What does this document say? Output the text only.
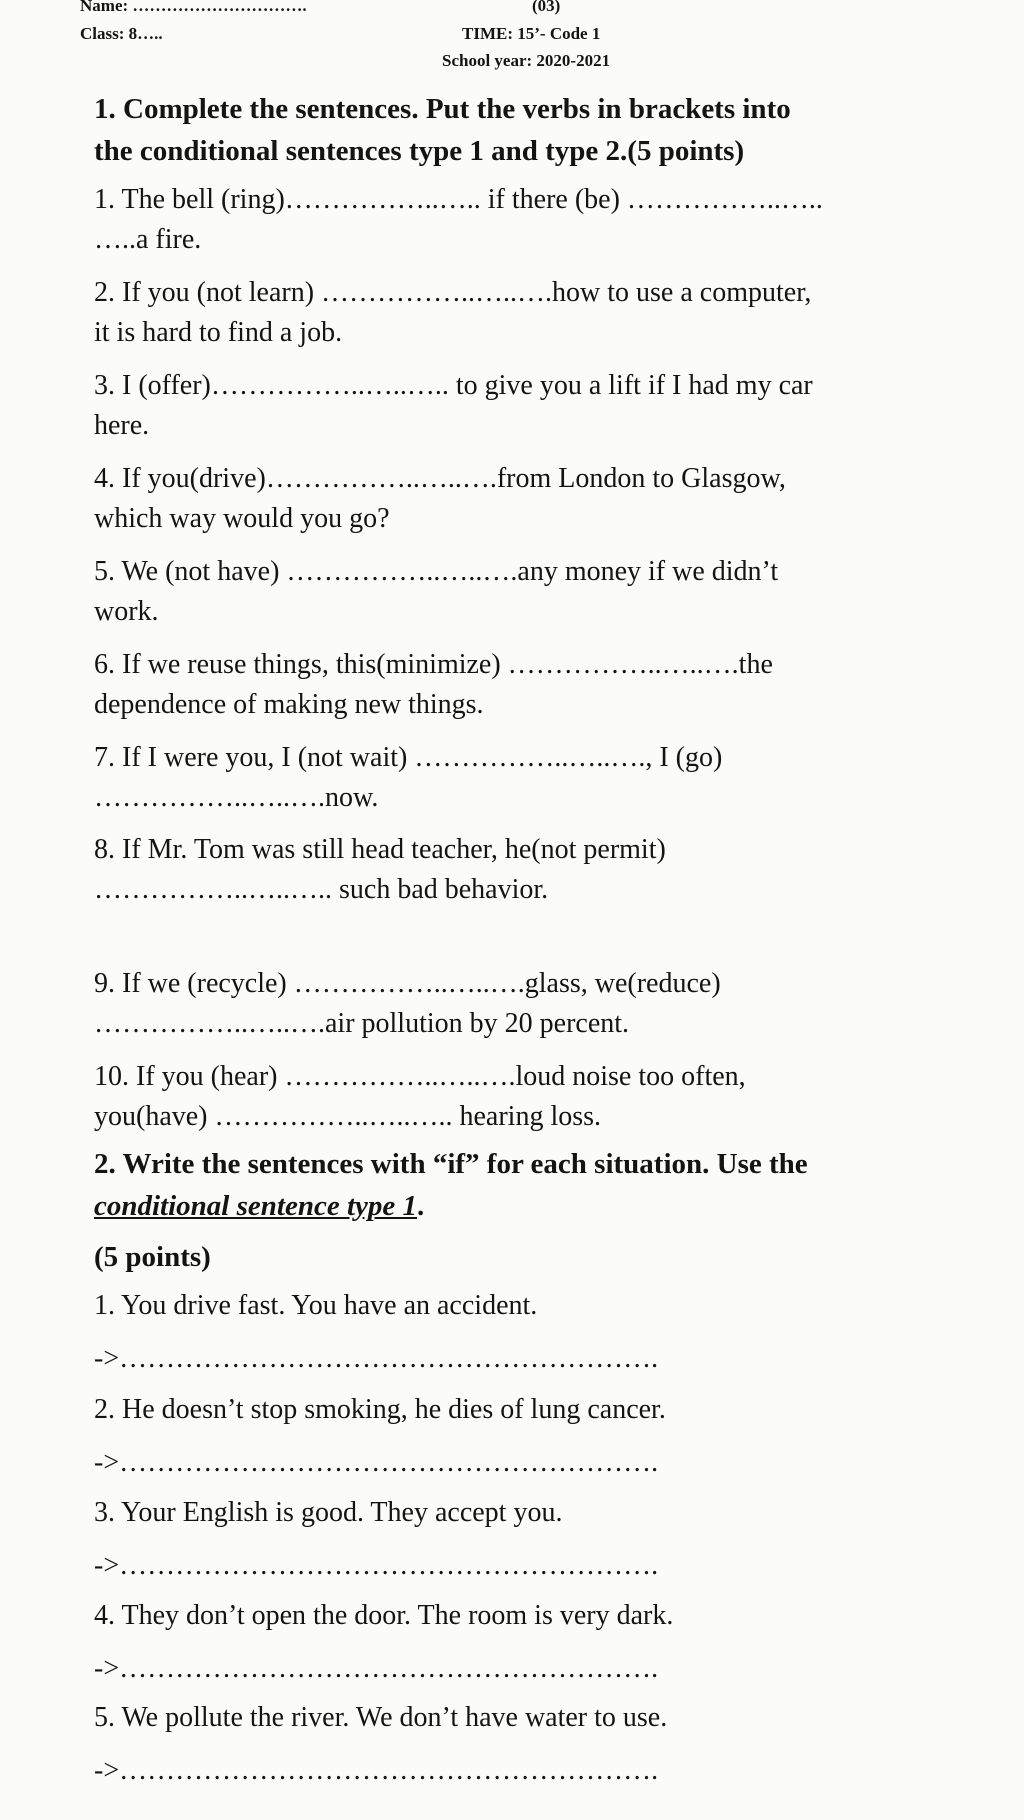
Name: ………………………….	(03)
Class: 8…..	TIME: 15’- Code 1
School year: 2020-2021
1. Complete the sentences. Put the verbs in brackets into
the conditional sentences type 1 and type 2.(5 points)
1. The bell (ring)……………..….. if there (be) ……………..…..
…..a fire.
2. If you (not learn) ……………..…..….how to use a computer,
it is hard to find a job.
3. I (offer)……………..…..….. to give you a lift if I had my car
here.
4. If you(drive)……………..…..….from London to Glasgow,
which way would you go?
5. We (not have) ……………..…..….any money if we didn’t
work.
6. If we reuse things, this(minimize) ……………..…..….the
dependence of making new things.
7. If I were you, I (not wait) ……………..…..…., I (go)
……………..…..….now.
8. If Mr. Tom was still head teacher, he(not permit)
……………..…..….. such bad behavior.
9. If we (recycle) ……………..…..….glass, we(reduce)
……………..…..….air pollution by 20 percent.
10. If you (hear) ……………..…..….loud noise too often,
you(have) ……………..…..….. hearing loss.
2. Write the sentences with “if” for each situation. Use the
conditional sentence type 1.
(5 points)
1. You drive fast. You have an accident.
->………………………………………………….
2. He doesn’t stop smoking, he dies of lung cancer.
->………………………………………………….
3. Your English is good. They accept you.
->………………………………………………….
4. They don’t open the door. The room is very dark.
->………………………………………………….
5. We pollute the river. We don’t have water to use.
->………………………………………………….
